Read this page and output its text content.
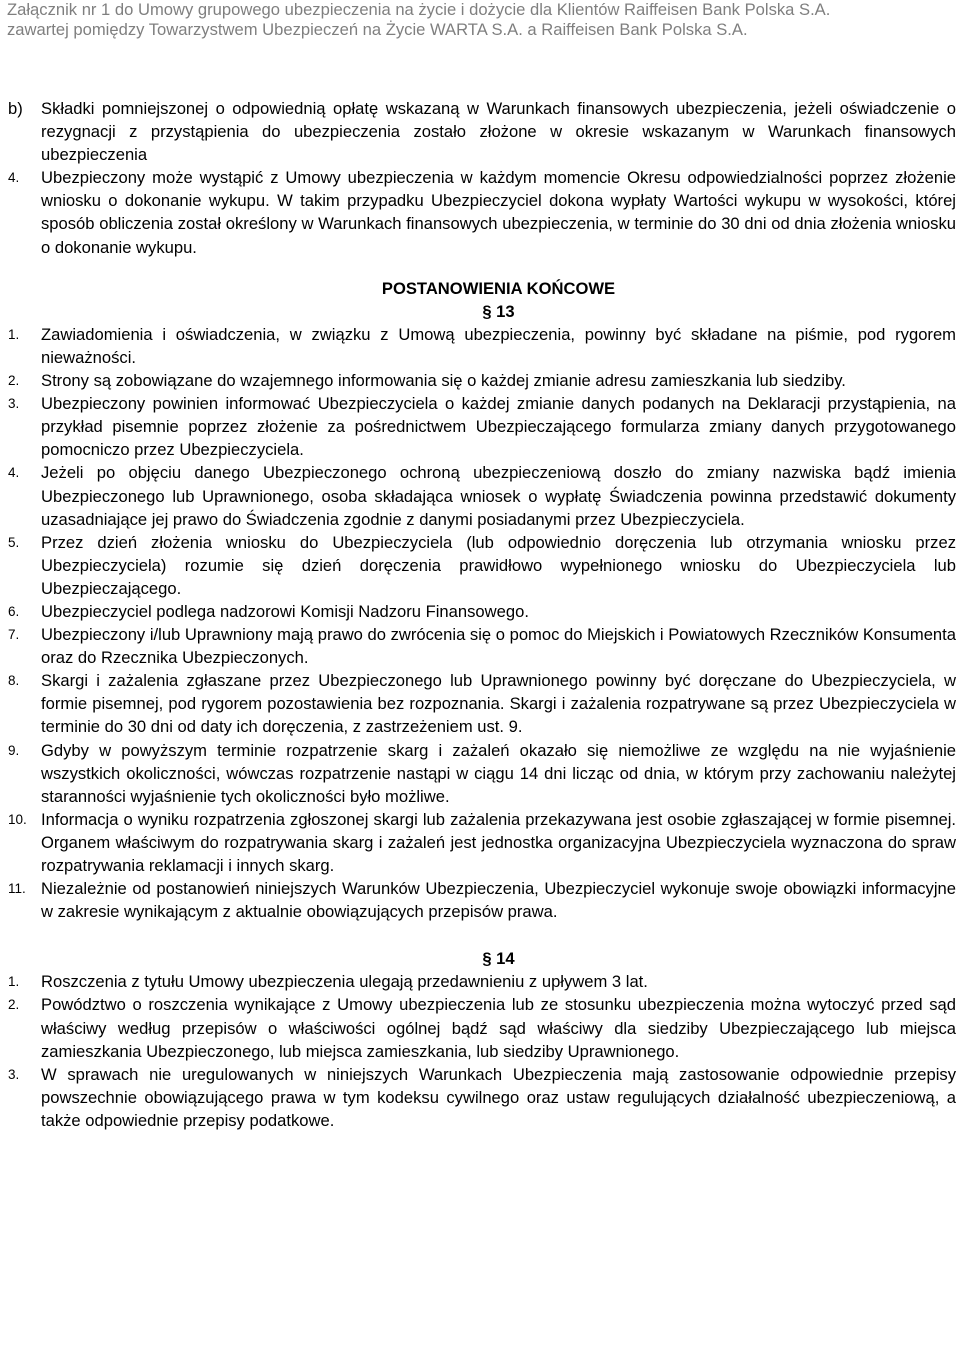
Załącznik nr 1 do Umowy grupowego ubezpieczenia na życie i dożycie dla Klientów Raiffeisen Bank Polska S.A.
zawartej pomiędzy Towarzystwem Ubezpieczeń na Życie WARTA S.A. a Raiffeisen Bank Polska S.A.
b) Składki pomniejszonej o odpowiednią opłatę wskazaną w Warunkach finansowych ubezpieczenia, jeżeli oświadczenie o rezygnacji z przystąpienia do ubezpieczenia zostało złożone w okresie wskazanym w Warunkach finansowych ubezpieczenia
4. Ubezpieczony może wystąpić z Umowy ubezpieczenia w każdym momencie Okresu odpowiedzialności poprzez złożenie wniosku o dokonanie wykupu. W takim przypadku Ubezpieczyciel dokona wypłaty Wartości wykupu w wysokości, której sposób obliczenia został określony w Warunkach finansowych ubezpieczenia, w terminie do 30 dni od dnia złożenia wniosku o dokonanie wykupu.
POSTANOWIENIA KOŃCOWE
§ 13
1. Zawiadomienia i oświadczenia, w związku z Umową ubezpieczenia, powinny być składane na piśmie, pod rygorem nieważności.
2. Strony są zobowiązane do wzajemnego informowania się o każdej zmianie adresu zamieszkania lub siedziby.
3. Ubezpieczony powinien informować Ubezpieczyciela o każdej zmianie danych podanych na Deklaracji przystąpienia, na przykład pisemnie poprzez złożenie za pośrednictwem Ubezpieczającego formularza zmiany danych przygotowanego pomocniczo przez Ubezpieczyciela.
4. Jeżeli po objęciu danego Ubezpieczonego ochroną ubezpieczeniową doszło do zmiany nazwiska bądź imienia Ubezpieczonego lub Uprawnionego, osoba składająca wniosek o wypłatę Świadczenia powinna przedstawić dokumenty uzasadniające jej prawo do Świadczenia zgodnie z danymi posiadanymi przez Ubezpieczyciela.
5. Przez dzień złożenia wniosku do Ubezpieczyciela (lub odpowiednio doręczenia lub otrzymania wniosku przez Ubezpieczyciela) rozumie się dzień doręczenia prawidłowo wypełnionego wniosku do Ubezpieczyciela lub Ubezpieczającego.
6. Ubezpieczyciel podlega nadzorowi Komisji Nadzoru Finansowego.
7. Ubezpieczony i/lub Uprawniony mają prawo do zwrócenia się o pomoc do Miejskich i Powiatowych Rzeczników Konsumenta oraz do Rzecznika Ubezpieczonych.
8. Skargi i zażalenia zgłaszane przez Ubezpieczonego lub Uprawnionego powinny być doręczane do Ubezpieczyciela, w formie pisemnej, pod rygorem pozostawienia bez rozpoznania. Skargi i zażalenia rozpatrywane są przez Ubezpieczyciela w terminie do 30 dni od daty ich doręczenia, z zastrzeżeniem ust. 9.
9. Gdyby w powyższym terminie rozpatrzenie skarg i zażaleń okazało się niemożliwe ze względu na nie wyjaśnienie wszystkich okoliczności, wówczas rozpatrzenie nastąpi w ciągu 14 dni licząc od dnia, w którym przy zachowaniu należytej staranności wyjaśnienie tych okoliczności było możliwe.
10. Informacja o wyniku rozpatrzenia zgłoszonej skargi lub zażalenia przekazywana jest osobie zgłaszającej w formie pisemnej. Organem właściwym do rozpatrywania skarg i zażaleń jest jednostka organizacyjna Ubezpieczyciela wyznaczona do spraw rozpatrywania reklamacji i innych skarg.
11. Niezależnie od postanowień niniejszych Warunków Ubezpieczenia, Ubezpieczyciel wykonuje swoje obowiązki informacyjne w zakresie wynikającym z aktualnie obowiązujących przepisów prawa.
§ 14
1. Roszczenia z tytułu Umowy ubezpieczenia ulegają przedawnieniu z upływem 3 lat.
2. Powództwo o roszczenia wynikające z Umowy ubezpieczenia lub ze stosunku ubezpieczenia można wytoczyć przed sąd właściwy według przepisów o właściwości ogólnej bądź sąd właściwy dla siedziby Ubezpieczającego lub miejsca zamieszkania Ubezpieczonego, lub miejsca zamieszkania, lub siedziby Uprawnionego.
3. W sprawach nie uregulowanych w niniejszych Warunkach Ubezpieczenia mają zastosowanie odpowiednie przepisy powszechnie obowiązującego prawa w tym kodeksu cywilnego oraz ustaw regulujących działalność ubezpieczeniową, a także odpowiednie przepisy podatkowe.
